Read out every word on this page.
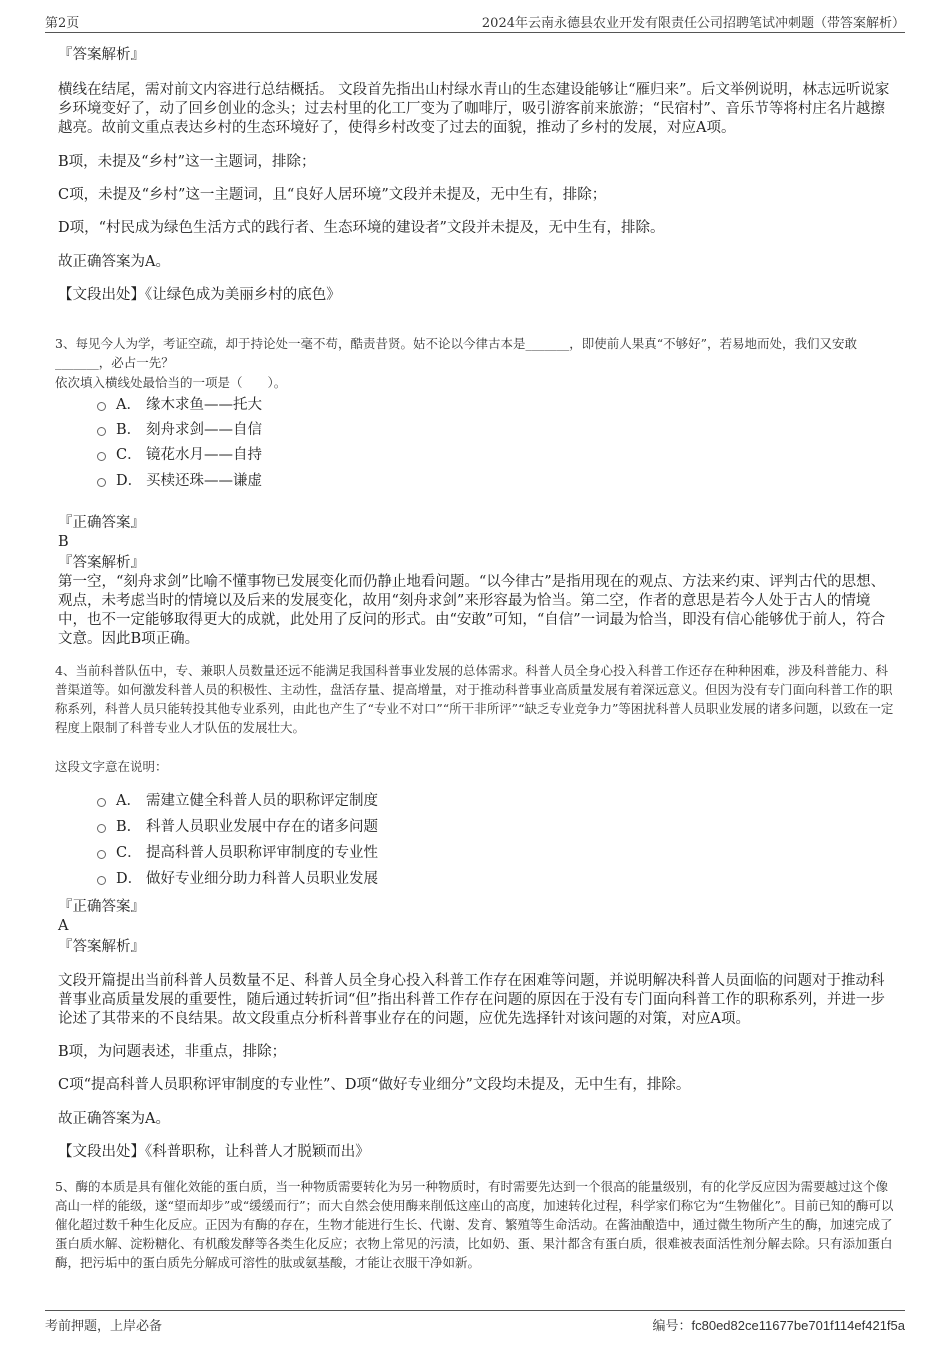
第2页	2024年云南永德县农业开发有限责任公司招聘笔试冲刺题（带答案解析）
『答案解析』
横线在结尾，需对前文内容进行总结概括。 文段首先指出山村绿水青山的生态建设能够让“雁归来”。后文举例说明，林志远听说家乡环境变好了，动了回乡创业的念头；过去村里的化工厂变为了咖啡厅，吸引游客前来旅游；“民宿村”、音乐节等将村庄名片越擦越亮。故前文重点表达乡村的生态环境好了，使得乡村改变了过去的面貌，推动了乡村的发展，对应A项。
B项，未提及“乡村”这一主题词，排除；
C项，未提及“乡村”这一主题词，且“良好人居环境”文段并未提及，无中生有，排除；
D项，“村民成为绿色生活方式的践行者、生态环境的建设者”文段并未提及，无中生有，排除。
故正确答案为A。
【文段出处】《让绿色成为美丽乡村的底色》
3、每见今人为学，考证空疏，却于持论处一毫不苟，酷责昔贤。姑不论以今律古本是_______，即使前人果真“不够好”，若易地而处，我们又安敢_______，必占一先？
依次填入横线处最恰当的一项是（　　）。
A． 缘木求鱼——托大
B． 刻舟求剑——自信
C． 镜花水月——自持
D． 买椟还珠——谦虚
『正确答案』
B
『答案解析』
第一空，“刻舟求剑”比喻不懂事物已发展变化而仍静止地看问题。“以今律古”是指用现在的观点、方法来约束、评判古代的思想、观点，未考虑当时的情境以及后来的发展变化，故用“刻舟求剑”来形容最为恰当。第二空，作者的意思是若今人处于古人的情境中，也不一定能够取得更大的成就，此处用了反问的形式。由“安敢”可知，“自信”一词最为恰当，即没有信心能够优于前人，符合文意。因此B项正确。
4、当前科普队伍中，专、兼职人员数量还远不能满足我国科普事业发展的总体需求。科普人员全身心投入科普工作还存在种种困难，涉及科普能力、科普渠道等。如何激发科普人员的积极性、主动性，盘活存量、提高增量，对于推动科普事业高质量发展有着深远意义。但因为没有专门面向科普工作的职称系列，科普人员只能转投其他专业系列，由此也产生了“专业不对口”“所干非所评”“缺乏专业竞争力”等困扰科普人员职业发展的诸多问题，以致在一定程度上限制了科普专业人才队伍的发展壮大。
这段文字意在说明：
A． 需建立健全科普人员的职称评定制度
B． 科普人员职业发展中存在的诸多问题
C． 提高科普人员职称评审制度的专业性
D． 做好专业细分助力科普人员职业发展
『正确答案』
A
『答案解析』
文段开篇提出当前科普人员数量不足、科普人员全身心投入科普工作存在困难等问题，并说明解决科普人员面临的问题对于推动科普事业高质量发展的重要性，随后通过转折词“但”指出科普工作存在问题的原因在于没有专门面向科普工作的职称系列，并进一步论述了其带来的不良结果。故文段重点分析科普事业存在的问题，应优先选择针对该问题的对策，对应A项。
B项，为问题表述，非重点，排除；
C项“提高科普人员职称评审制度的专业性”、D项“做好专业细分”文段均未提及，无中生有，排除。
故正确答案为A。
【文段出处】《科普职称，让科普人才脱颖而出》
5、酶的本质是具有催化效能的蛋白质，当一种物质需要转化为另一种物质时，有时需要先达到一个很高的能量级别，有的化学反应因为需要越过这个像高山一样的能级，遂“望而却步”或“缓缓而行”；而大自然会使用酶来削低这座山的高度，加速转化过程，科学家们称它为“生物催化”。目前已知的酶可以催化超过数千种生化反应。正因为有酶的存在，生物才能进行生长、代谢、发育、繁殖等生命活动。在酱油酿造中，通过微生物所产生的酶，加速完成了蛋白质水解、淀粉糖化、有机酸发酵等各类生化反应；衣物上常见的污渍，比如奶、蛋、果汁都含有蛋白质，很难被表面活性剂分解去除。只有添加蛋白酶，把污垢中的蛋白质先分解成可溶性的肽或氨基酸，才能让衣服干净如新。
考前押题，上岸必备	编号：fc80ed82ce11677be701f114ef421f5a
